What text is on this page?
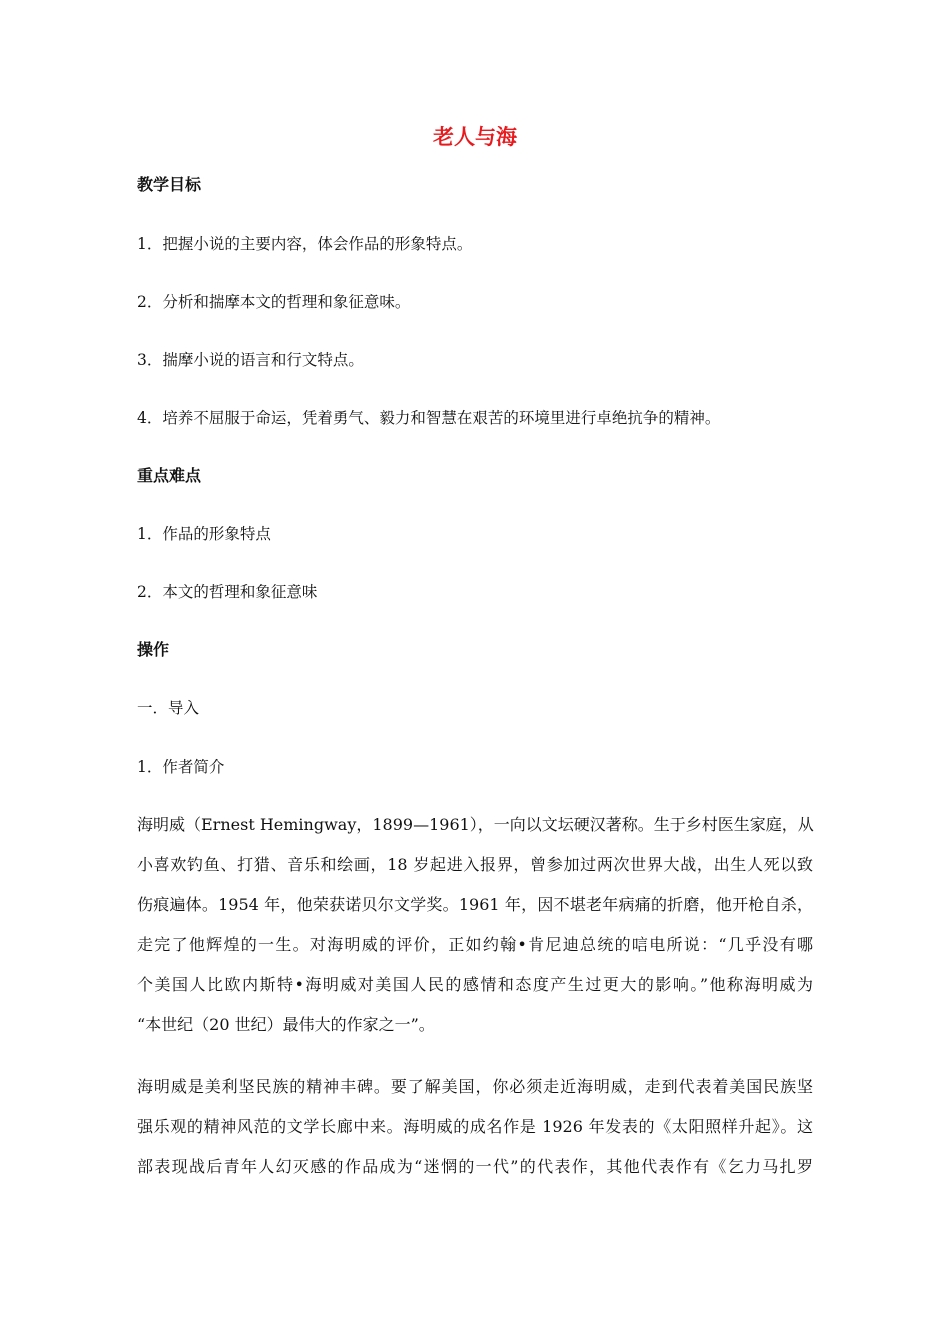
老人与海
教学目标
1．把握小说的主要内容，体会作品的形象特点。
2．分析和揣摩本文的哲理和象征意味。
3．揣摩小说的语言和行文特点。
4．培养不屈服于命运，凭着勇气、毅力和智慧在艰苦的环境里进行卓绝抗争的精神。
重点难点
1．作品的形象特点
2．本文的哲理和象征意味
操作
一．导入
1．作者简介
海明威（Ernest Hemingway，1899—1961），一向以文坛硬汉著称。生于乡村医生家庭，从
小喜欢钓鱼、打猎、音乐和绘画，18 岁起进入报界，曾参加过两次世界大战，出生人死以致
伤痕遍体。1954 年，他荣获诺贝尔文学奖。1961 年，因不堪老年病痛的折磨，他开枪自杀，
走完了他辉煌的一生。对海明威的评价，正如约翰•肯尼迪总统的唁电所说：“几乎没有哪
个美国人比欧内斯特•海明威对美国人民的感情和态度产生过更大的影响。”他称海明威为
“本世纪（20 世纪）最伟大的作家之一”。
海明威是美利坚民族的精神丰碑。要了解美国，你必须走近海明威，走到代表着美国民族坚
强乐观的精神风范的文学长廊中来。海明威的成名作是 1926 年发表的《太阳照样升起》。这
部表现战后青年人幻灭感的作品成为“迷惘的一代”的代表作，其他代表作有《乞力马扎罗
